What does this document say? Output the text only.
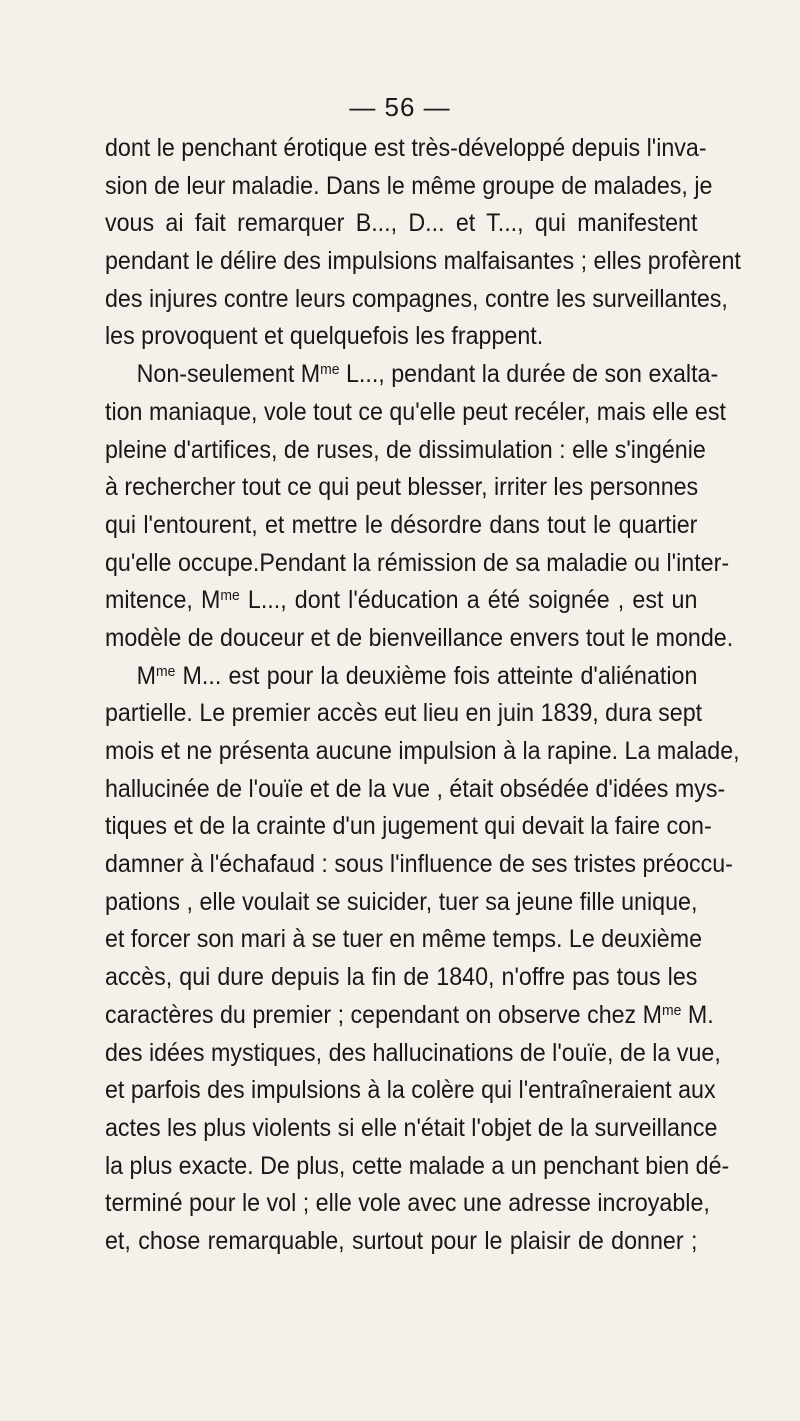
— 56 —
dont le penchant érotique est très-développé depuis l'inva-
sion de leur maladie. Dans le même groupe de malades, je
vous ai fait remarquer B..., D... et T..., qui manifestent
pendant le délire des impulsions malfaisantes ; elles profèrent
des injures contre leurs compagnes, contre les surveillantes,
les provoquent et quelquefois les frappent.
Non-seulement $M^{me}$ L..., pendant la durée de son exalta-
tion maniaque, vole tout ce qu'elle peut recéler, mais elle est
pleine d'artifices, de ruses, de dissimulation : elle s'ingénie
à rechercher tout ce qui peut blesser, irriter les personnes
qui l'entourent, et mettre le désordre dans tout le quartier
qu'elle occupe.Pendant la rémission de sa maladie ou l'inter-
mitence, $M^{me}$ L..., dont l'éducation a été soignée , est un
modèle de douceur et de bienveillance envers tout le monde.
$M^{me}$ M... est pour la deuxième fois atteinte d'aliénation
partielle. Le premier accès eut lieu en juin 1839, dura sept
mois et ne présenta aucune impulsion à la rapine. La malade,
hallucinée de l'ouïe et de la vue , était obsédée d'idées mys-
tiques et de la crainte d'un jugement qui devait la faire con-
damner à l'échafaud : sous l'influence de ses tristes préoccu-
pations , elle voulait se suicider, tuer sa jeune fille unique,
et forcer son mari à se tuer en même temps. Le deuxième
accès, qui dure depuis la fin de 1840, n'offre pas tous les
caractères du premier ; cependant on observe chez $M^{me}$ M.
des idées mystiques, des hallucinations de l'ouïe, de la vue,
et parfois des impulsions à la colère qui l'entraîneraient aux
actes les plus violents si elle n'était l'objet de la surveillance
la plus exacte. De plus, cette malade a un penchant bien dé-
terminé pour le vol ; elle vole avec une adresse incroyable,
et, chose remarquable, surtout pour le plaisir de donner ;
